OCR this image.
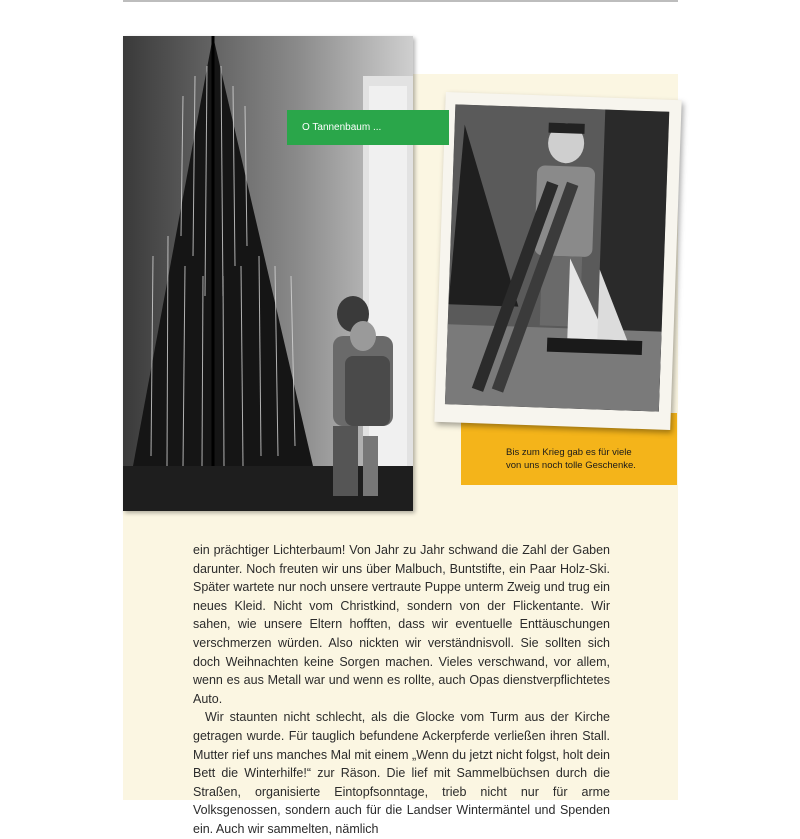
O Tannenbaum ...

Bis zum Krieg gab es für viele
von uns noch tolle Geschenke.

ein prächtiger Lichterbaum! Von Jahr zu Jahr schwand die Zahl der Gaben darunter. Noch freuten wir uns über Malbuch, Buntstifte, ein Paar Holz-Ski. Später wartete nur noch unsere vertraute Puppe unterm Zweig und trug ein neues Kleid. Nicht vom Christkind, sondern von der Flickentante. Wir sahen, wie unsere Eltern hofften, dass wir eventuelle Enttäuschungen verschmerzen würden. Also nickten wir verständnisvoll. Sie sollten sich doch Weihnachten keine Sorgen machen. Vieles verschwand, vor allem, wenn es aus Metall war und wenn es rollte, auch Opas dienstverpflichtetes Auto.

Wir staunten nicht schlecht, als die Glocke vom Turm aus der Kirche getragen wurde. Für tauglich befundene Ackerpferde verließen ihren Stall. Mutter rief uns manches Mal mit einem „Wenn du jetzt nicht folgst, holt dein Bett die Winterhilfe!“ zur Räson. Die lief mit Sammelbüchsen durch die Straßen, organisierte Eintopfsonntage, trieb nicht nur für arme Volksgenossen, sondern auch für die Landser Wintermäntel und Spenden ein. Auch wir sammelten, nämlich
